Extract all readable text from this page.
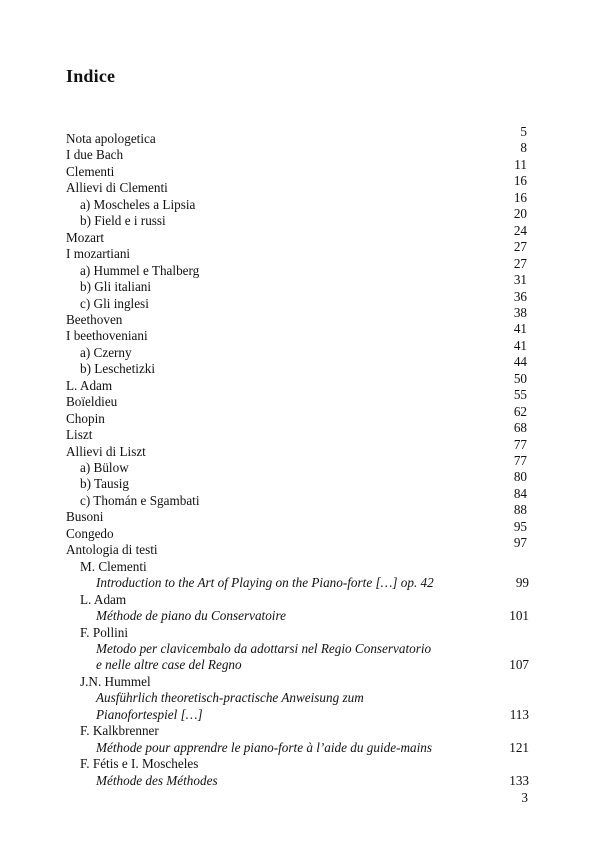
Indice
Nota apologetica	5
I due Bach	8
Clementi	11
Allievi di Clementi	16
a) Moscheles a Lipsia	16
b) Field e i russi	20
Mozart	24
I mozartiani	27
a) Hummel e Thalberg	27
b) Gli italiani	31
c) Gli inglesi	36
Beethoven	38
I beethoveniani	41
a) Czerny	41
b) Leschetizki	44
L. Adam	50
Boïeldieu	55
Chopin	62
Liszt	68
Allievi di Liszt	77
a) Bülow	77
b) Tausig	80
c) Thomán e Sgambati	84
Busoni	88
Congedo	95
Antologia di testi	97
M. Clementi
Introduction to the Art of Playing on the Piano-forte […] op. 42	99
L. Adam
Méthode de piano du Conservatoire	101
F. Pollini
Metodo per clavicembalo da adottarsi nel Regio Conservatorio
e nelle altre case del Regno	107
J.N. Hummel
Ausführlich theoretisch-practische Anweisung zum
Pianofortespiel […]	113
F. Kalkbrenner
Méthode pour apprendre le piano-forte à l’aide du guide-mains	121
F. Fétis e I. Moscheles
Méthode des Méthodes	133
3
